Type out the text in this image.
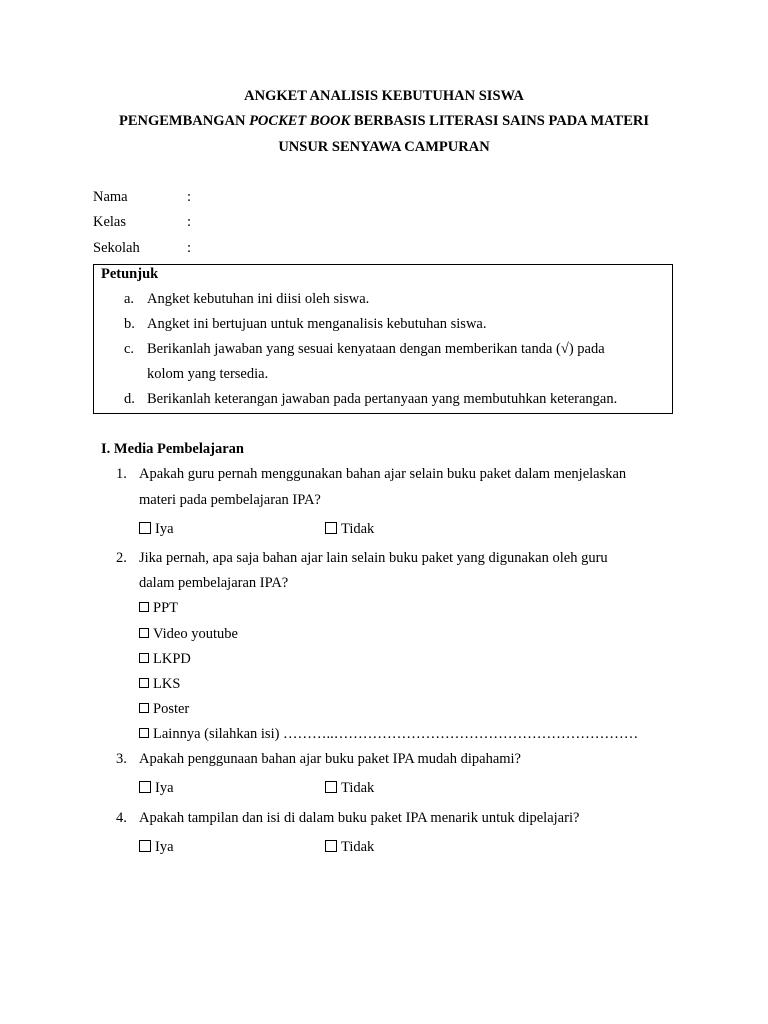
ANGKET ANALISIS KEBUTUHAN SISWA
PENGEMBANGAN POCKET BOOK BERBASIS LITERASI SAINS PADA MATERI
UNSUR SENYAWA CAMPURAN
Nama	:
Kelas	:
Sekolah	:
Petunjuk
a. Angket kebutuhan ini diisi oleh siswa.
b. Angket ini bertujuan untuk menganalisis kebutuhan siswa.
c. Berikanlah jawaban yang sesuai kenyataan dengan memberikan tanda (√) pada
kolom yang tersedia.
d. Berikanlah keterangan jawaban pada pertanyaan yang membutuhkan keterangan.
I. Media Pembelajaran
1. Apakah guru pernah menggunakan bahan ajar selain buku paket dalam menjelaskan
materi pada pembelajaran IPA?
Iya	Tidak
2. Jika pernah, apa saja bahan ajar lain selain buku paket yang digunakan oleh guru
dalam pembelajaran IPA?
PPT
Video youtube
LKPD
LKS
Poster
Lainnya (silahkan isi) ………..………………………………………………………
3. Apakah penggunaan bahan ajar buku paket IPA mudah dipahami?
Iya	Tidak
4. Apakah tampilan dan isi di dalam buku paket IPA menarik untuk dipelajari?
Iya	Tidak
